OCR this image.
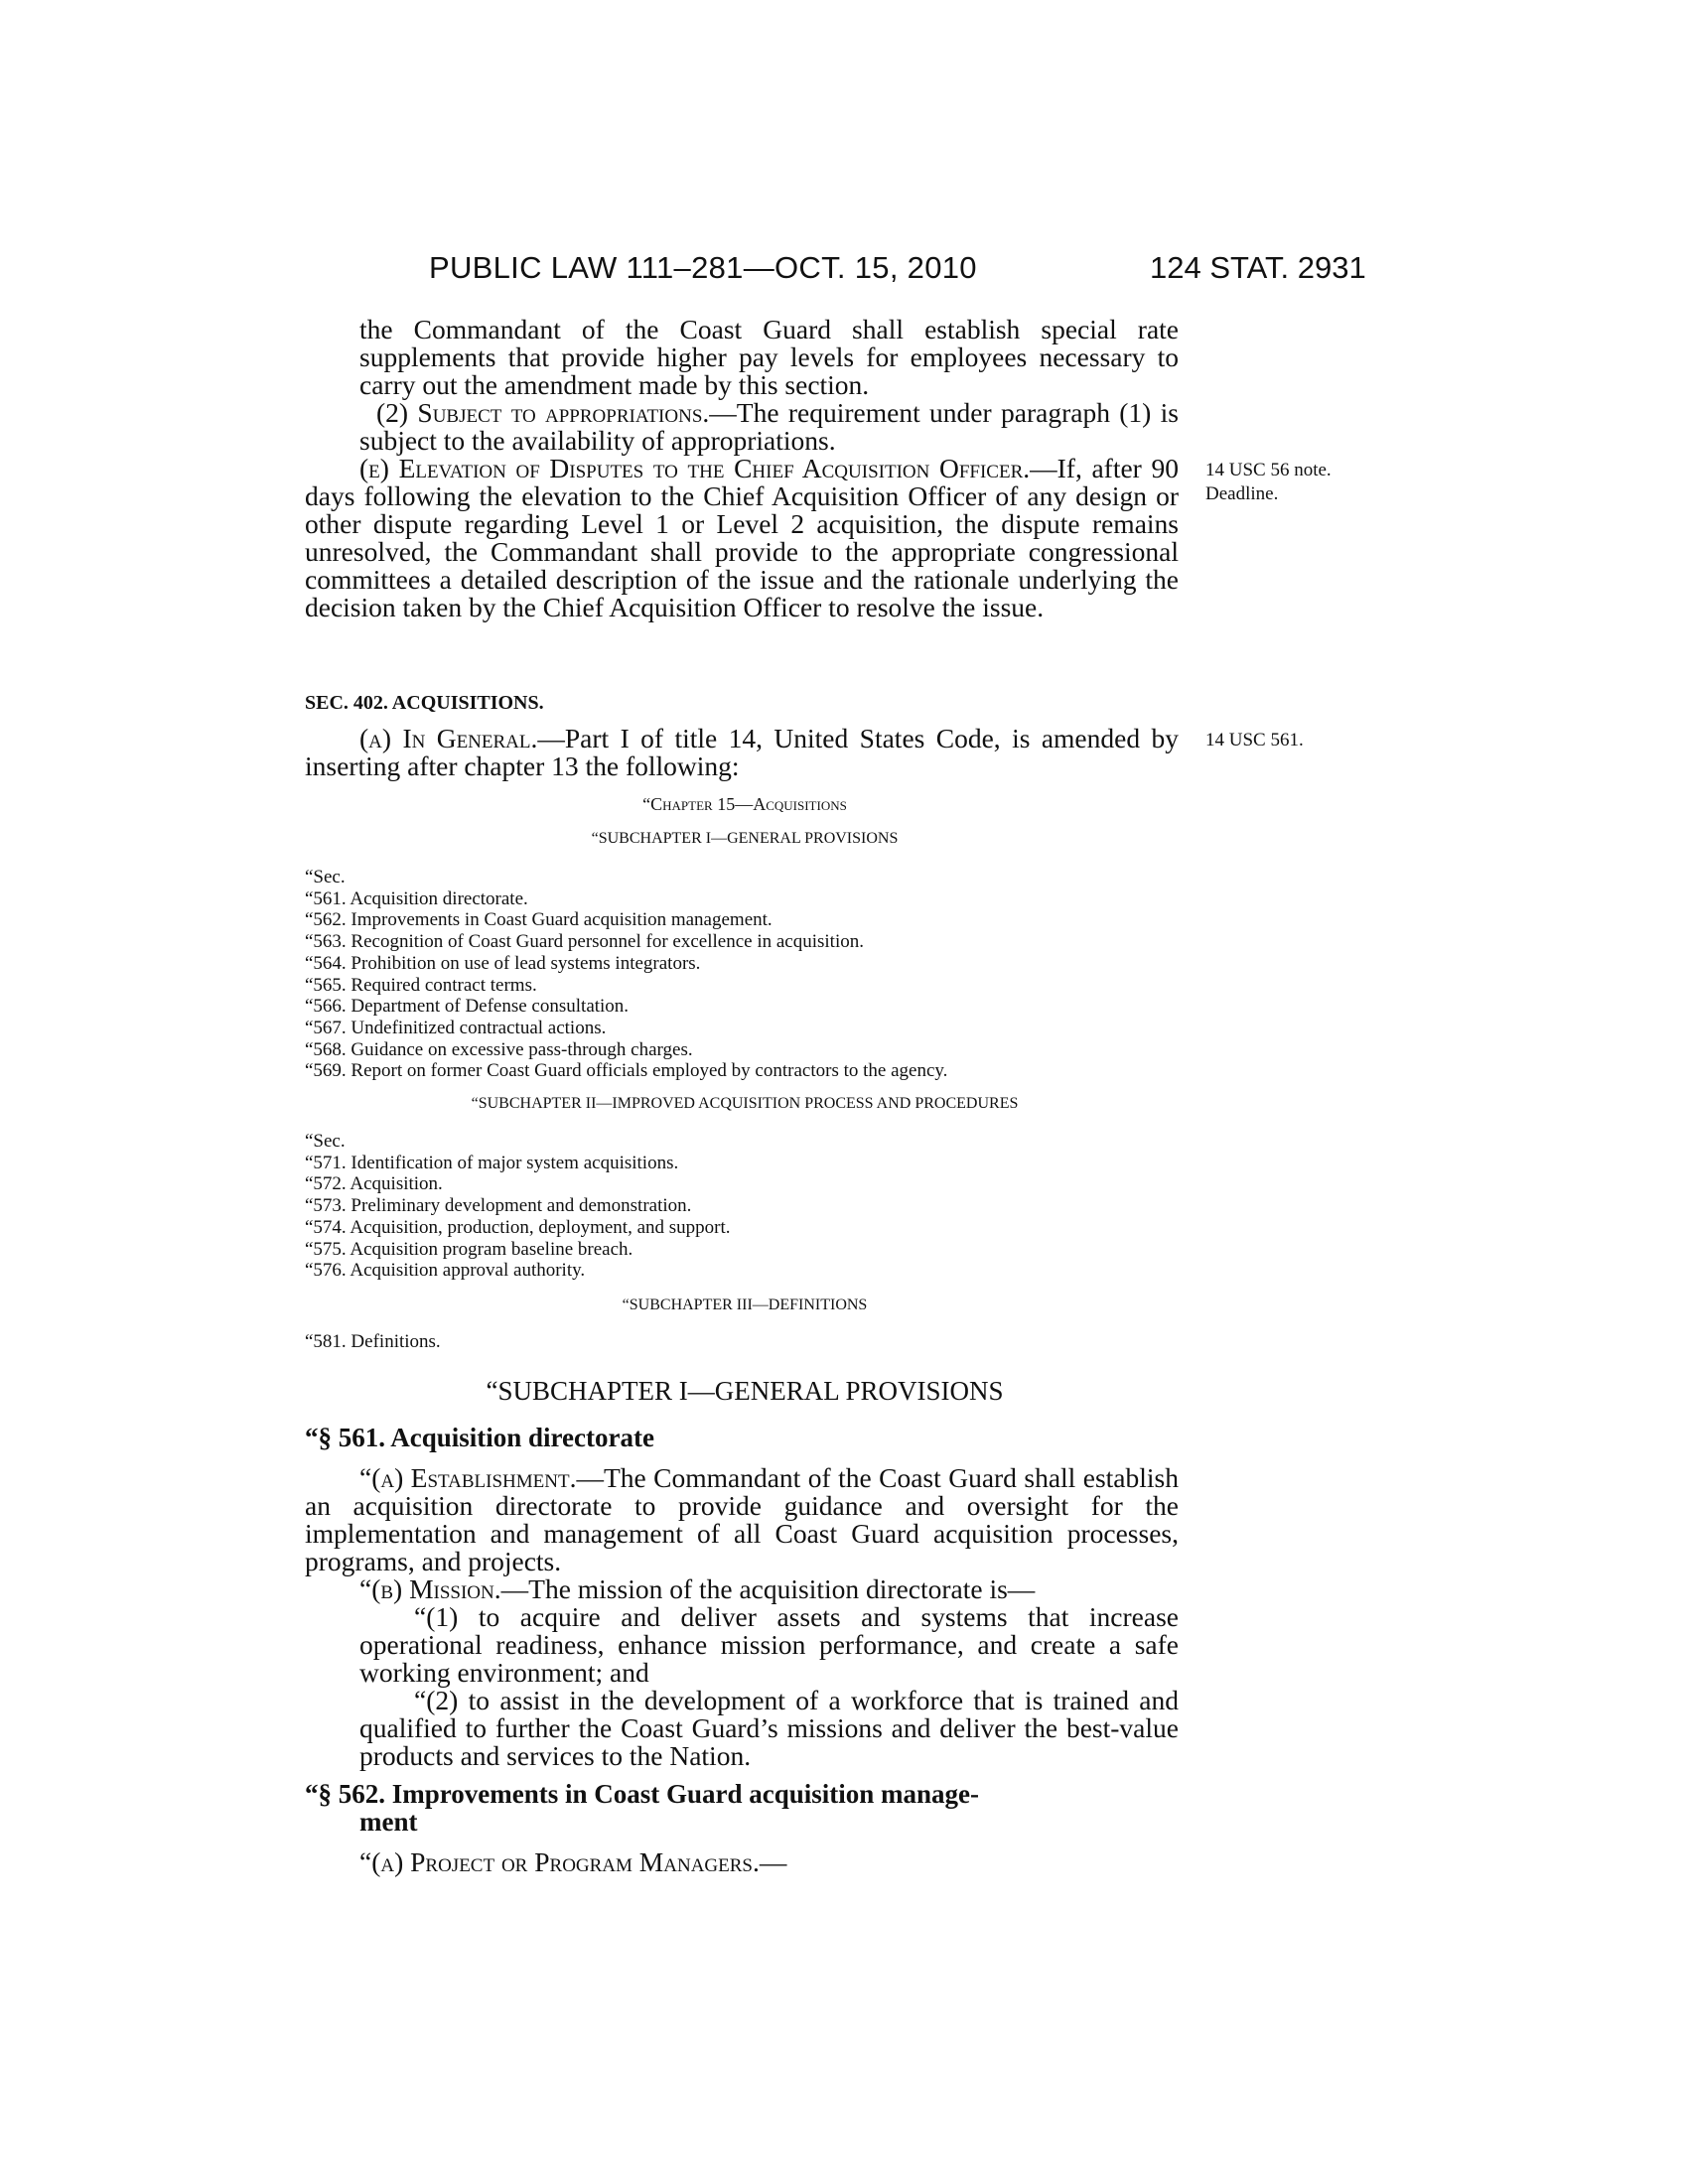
PUBLIC LAW 111–281—OCT. 15, 2010	124 STAT. 2931
the Commandant of the Coast Guard shall establish special rate supplements that provide higher pay levels for employees necessary to carry out the amendment made by this section.
(2) Subject to appropriations.—The requirement under paragraph (1) is subject to the availability of appropriations.
(e) Elevation of Disputes to the Chief Acquisition Officer.—If, after 90 days following the elevation to the Chief Acquisition Officer of any design or other dispute regarding Level 1 or Level 2 acquisition, the dispute remains unresolved, the Commandant shall provide to the appropriate congressional committees a detailed description of the issue and the rationale underlying the decision taken by the Chief Acquisition Officer to resolve the issue.
14 USC 56 note.
Deadline.
14 USC 561.
SEC. 402. ACQUISITIONS.
(a) In General.—Part I of title 14, United States Code, is amended by inserting after chapter 13 the following:
“Chapter 15—Acquisitions
“SUBCHAPTER I—GENERAL PROVISIONS
“Sec.
“561. Acquisition directorate.
“562. Improvements in Coast Guard acquisition management.
“563. Recognition of Coast Guard personnel for excellence in acquisition.
“564. Prohibition on use of lead systems integrators.
“565. Required contract terms.
“566. Department of Defense consultation.
“567. Undefinitized contractual actions.
“568. Guidance on excessive pass-through charges.
“569. Report on former Coast Guard officials employed by contractors to the agency.
“SUBCHAPTER II—IMPROVED ACQUISITION PROCESS AND PROCEDURES
“Sec.
“571. Identification of major system acquisitions.
“572. Acquisition.
“573. Preliminary development and demonstration.
“574. Acquisition, production, deployment, and support.
“575. Acquisition program baseline breach.
“576. Acquisition approval authority.
“SUBCHAPTER III—DEFINITIONS
“581. Definitions.
“SUBCHAPTER I—GENERAL PROVISIONS
“§ 561. Acquisition directorate
“(a) Establishment.—The Commandant of the Coast Guard shall establish an acquisition directorate to provide guidance and oversight for the implementation and management of all Coast Guard acquisition processes, programs, and projects.
“(b) Mission.—The mission of the acquisition directorate is—
“(1) to acquire and deliver assets and systems that increase operational readiness, enhance mission performance, and create a safe working environment; and
“(2) to assist in the development of a workforce that is trained and qualified to further the Coast Guard’s missions and deliver the best-value products and services to the Nation.
“§ 562. Improvements in Coast Guard acquisition manage-
ment
“(a) Project or Program Managers.—
